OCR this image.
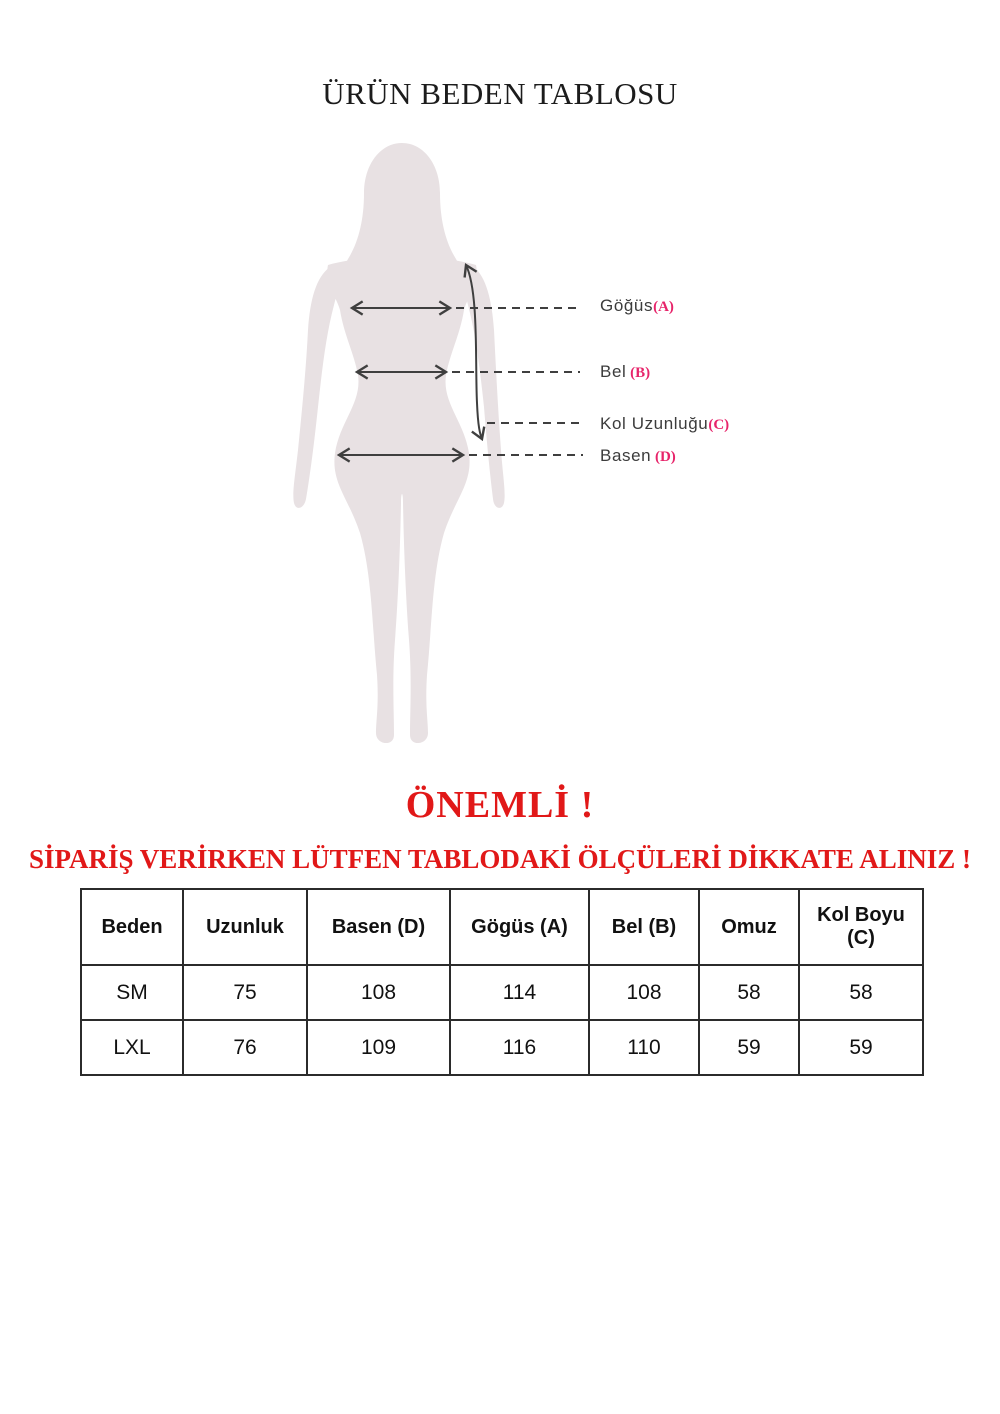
ÜRÜN BEDEN TABLOSU
Göğüs(A)
Bel (B)
Kol Uzunluğu(C)
Basen (D)
ÖNEMLİ !
SİPARİŞ VERİRKEN LÜTFEN TABLODAKİ ÖLÇÜLERİ DİKKATE ALINIZ !
Beden	Uzunluk	Basen (D)	Gögüs (A)	Bel (B)	Omuz	Kol Boyu (C)
SM	75	108	114	108	58	58
LXL	76	109	116	110	59	59
